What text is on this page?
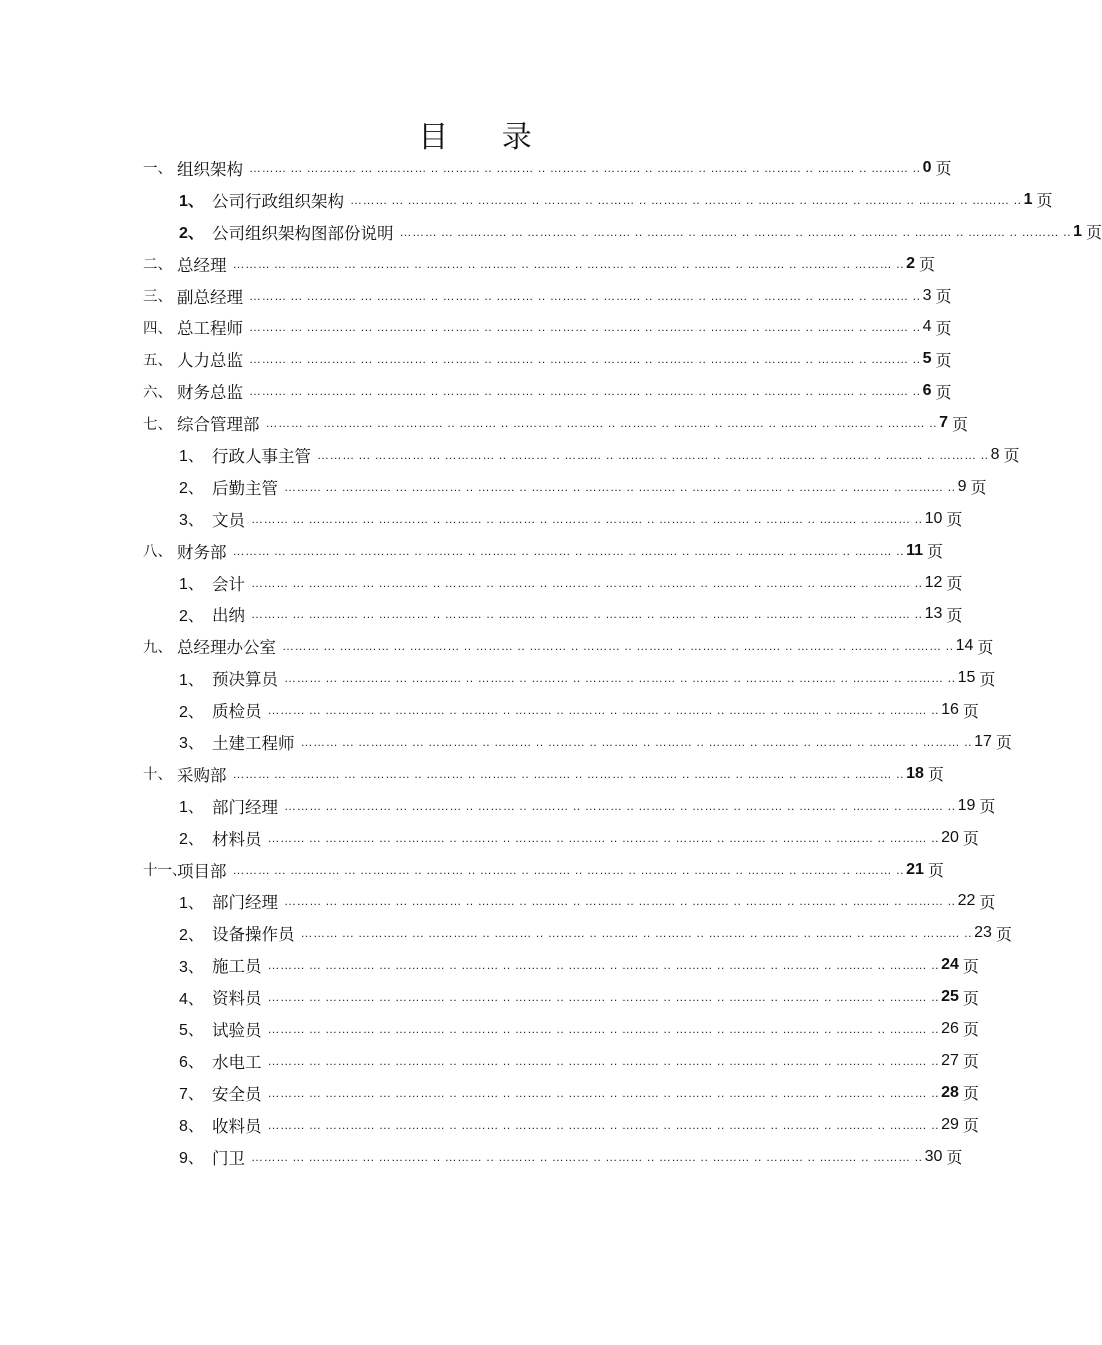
目 录
一、 组织架构 ……… ... ………… ... ………… .. ……… .. ……… .. ……… .. ……… .. ……… .. ……… .. ……… .. ……… .. ……… .. 0 页
1、 公司行政组织架构 ……… ... ………… ... ………… .. ……… .. ……… .. ……… .. ……… .. ……… .. ……… .. ……… .. ……… .. ……… .. 1 页
2、 公司组织架构图部份说明 ……… ... ………… ... ………… .. ……… .. ……… .. ……… .. ……… .. ……… .. ……… .. ……… .. ……… .. ……… .. 1 页
二、 总经理 ……… ... ………… ... ………… .. ……… .. ……… .. ……… .. ……… .. ……… .. ……… .. ……… .. ……… .. ……… .. 2 页
三、 副总经理 ……… ... ………… ... ………… .. ……… .. ……… .. ……… .. ……… .. ……… .. ……… .. ……… .. ……… .. ……… .. 3 页
四、 总工程师 ……… ... ………… ... ………… .. ……… .. ……… .. ……… .. ……… .. ……… .. ……… .. ……… .. ……… .. ……… .. 4 页
五、 人力总监 ……… ... ………… ... ………… .. ……… .. ……… .. ……… .. ……… .. ……… .. ……… .. ……… .. ……… .. ……… .. 5 页
六、 财务总监 ……… ... ………… ... ………… .. ……… .. ……… .. ……… .. ……… .. ……… .. ……… .. ……… .. ……… .. ……… .. 6 页
七、 综合管理部 ……… ... ………… ... ………… .. ……… .. ……… .. ……… .. ……… .. ……… .. ……… .. ……… .. ……… .. ……… .. 7 页
1、 行政人事主管 ……… ... ………… ... ………… .. ……… .. ……… .. ……… .. ……… .. ……… .. ……… .. ……… .. ……… .. ……… .. 8 页
2、 后勤主管 ……… ... ………… ... ………… .. ……… .. ……… .. ……… .. ……… .. ……… .. ……… .. ……… .. ……… .. ……… .. 9 页
3、 文员 ……… ... ………… ... ………… .. ……… .. ……… .. ……… .. ……… .. ……… .. ……… .. ……… .. ……… .. ……… .. 10 页
八、 财务部 ……… ... ………… ... ………… .. ……… .. ……… .. ……… .. ……… .. ……… .. ……… .. ……… .. ……… .. ……… .. 11 页
1、 会计 ……… ... ………… ... ………… .. ……… .. ……… .. ……… .. ……… .. ……… .. ……… .. ……… .. ……… .. ……… .. 12 页
2、 出纳 ……… ... ………… ... ………… .. ……… .. ……… .. ……… .. ……… .. ……… .. ……… .. ……… .. ……… .. ……… .. 13 页
九、 总经理办公室 ……… ... ………… ... ………… .. ……… .. ……… .. ……… .. ……… .. ……… .. ……… .. ……… .. ……… .. ……… .. 14 页
1、 预决算员 ……… ... ………… ... ………… .. ……… .. ……… .. ……… .. ……… .. ……… .. ……… .. ……… .. ……… .. ……… .. 15 页
2、 质检员 ……… ... ………… ... ………… .. ……… .. ……… .. ……… .. ……… .. ……… .. ……… .. ……… .. ……… .. ……… .. 16 页
3、 土建工程师 ……… ... ………… ... ………… .. ……… .. ……… .. ……… .. ……… .. ……… .. ……… .. ……… .. ……… .. ……… .. 17 页
十、 采购部 ……… ... ………… ... ………… .. ……… .. ……… .. ……… .. ……… .. ……… .. ……… .. ……… .. ……… .. ……… .. 18 页
1、 部门经理 ……… ... ………… ... ………… .. ……… .. ……… .. ……… .. ……… .. ……… .. ……… .. ……… .. ……… .. ……… .. 19 页
2、 材料员 ……… ... ………… ... ………… .. ……… .. ……… .. ……… .. ……… .. ……… .. ……… .. ……… .. ……… .. ……… .. 20 页
十一、
项目部 ……… ... ………… ... ………… .. ……… .. ……… .. ……… .. ……… .. ……… .. ……… .. ……… .. ……… .. ……… .. 21 页
1、 部门经理 ……… ... ………… ... ………… .. ……… .. ……… .. ……… .. ……… .. ……… .. ……… .. ……… .. ……… .. ……… .. 22 页
2、 设备操作员 ……… ... ………… ... ………… .. ……… .. ……… .. ……… .. ……… .. ……… .. ……… .. ……… .. ……… .. ……… .. 23 页
3、 施工员 ……… ... ………… ... ………… .. ……… .. ……… .. ……… .. ……… .. ……… .. ……… .. ……… .. ……… .. ……… .. 24 页
4、 资料员 ……… ... ………… ... ………… .. ……… .. ……… .. ……… .. ……… .. ……… .. ……… .. ……… .. ……… .. ……… .. 25 页
5、 试验员 ……… ... ………… ... ………… .. ……… .. ……… .. ……… .. ……… .. ……… .. ……… .. ……… .. ……… .. ……… .. 26 页
6、 水电工 ……… ... ………… ... ………… .. ……… .. ……… .. ……… .. ……… .. ……… .. ……… .. ……… .. ……… .. ……… .. 27 页
7、 安全员 ……… ... ………… ... ………… .. ……… .. ……… .. ……… .. ……… .. ……… .. ……… .. ……… .. ……… .. ……… .. 28 页
8、 收料员 ……… ... ………… ... ………… .. ……… .. ……… .. ……… .. ……… .. ……… .. ……… .. ……… .. ……… .. ……… .. 29 页
9、 门卫 ……… ... ………… ... ………… .. ……… .. ……… .. ……… .. ……… .. ……… .. ……… .. ……… .. ……… .. ……… .. 30 页
